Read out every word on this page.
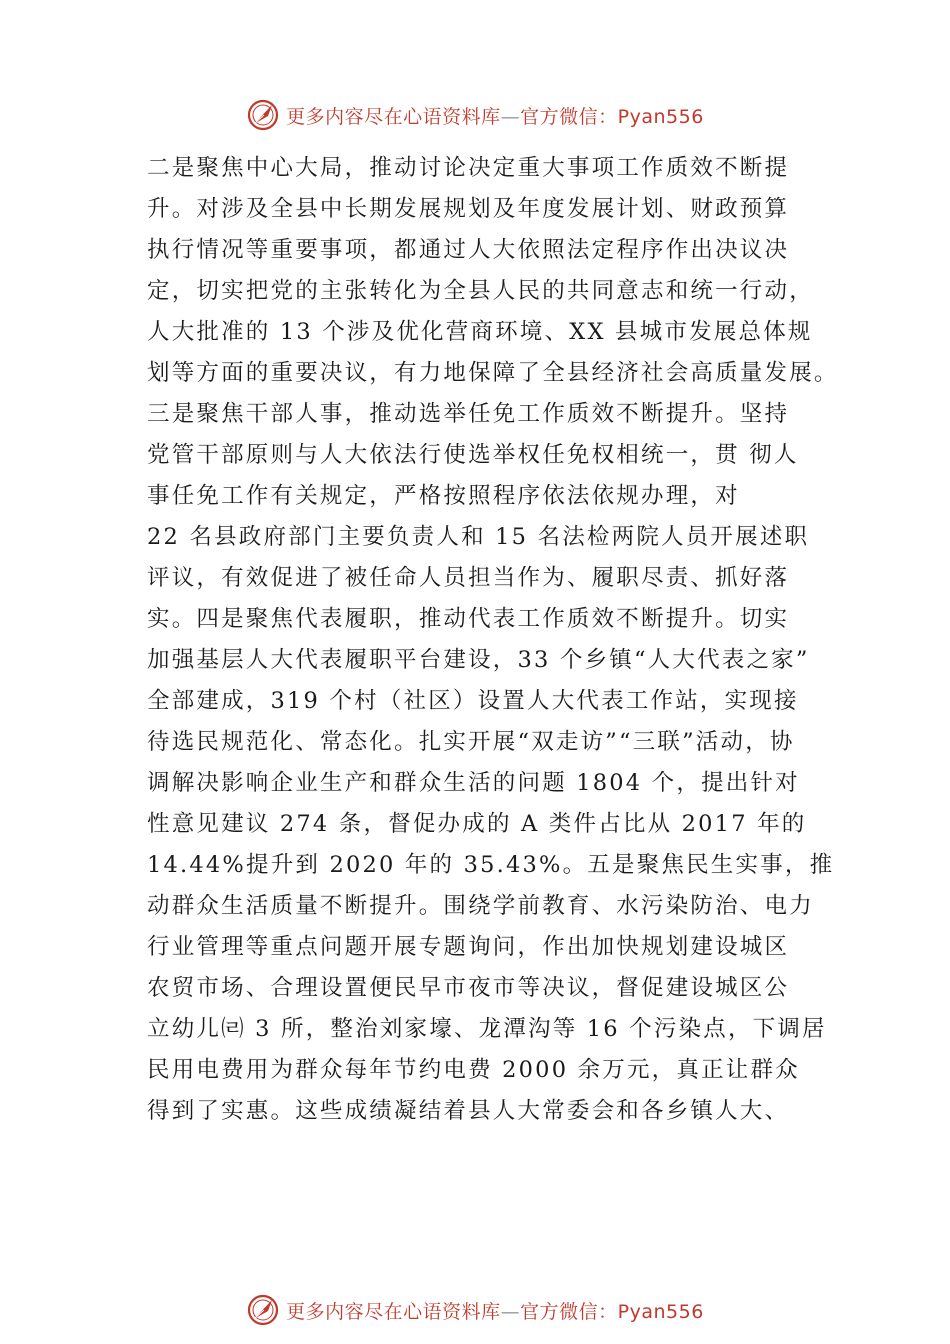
更多内容尽在心语资料库—官方微信：Pyan556
二是聚焦中心大局，推动讨论决定重大事项工作质效不断提
升。对涉及全县中长期发展规划及年度发展计划、财政预算
执行情况等重要事项，都通过人大依照法定程序作出决议决
定，切实把党的主张转化为全县人民的共同意志和统一行动，
人大批准的 13 个涉及优化营商环境、XX 县城市发展总体规
划等方面的重要决议，有力地保障了全县经济社会高质量发展。
三是聚焦干部人事，推动选举任免工作质效不断提升。坚持
党管干部原则与人大依法行使选举权任免权相统一，贯 彻人
事任免工作有关规定，严格按照程序依法依规办理，对
22 名县政府部门主要负责人和 15 名法检两院人员开展述职
评议，有效促进了被任命人员担当作为、履职尽责、抓好落
实。四是聚焦代表履职，推动代表工作质效不断提升。切实
加强基层人大代表履职平台建设，33 个乡镇“人大代表之家”
全部建成，319 个村（社区）设置人大代表工作站，实现接
待选民规范化、常态化。扎实开展“双走访”“三联”活动，协
调解决影响企业生产和群众生活的问题 1804 个，提出针对
性意见建议 274 条，督促办成的 A 类件占比从 2017 年的
14.44%提升到 2020 年的 35.43%。五是聚焦民生实事，推
动群众生活质量不断提升。围绕学前教育、水污染防治、电力
行业管理等重点问题开展专题询问，作出加快规划建设城区
农贸市场、合理设置便民早市夜市等决议，督促建设城区公
立幼儿㈃ 3 所，整治刘家壕、龙潭沟等 16 个污染点，下调居
民用电费用为群众每年节约电费 2000 余万元，真正让群众
得到了实惠。这些成绩凝结着县人大常委会和各乡镇人大、
更多内容尽在心语资料库—官方微信：Pyan556
